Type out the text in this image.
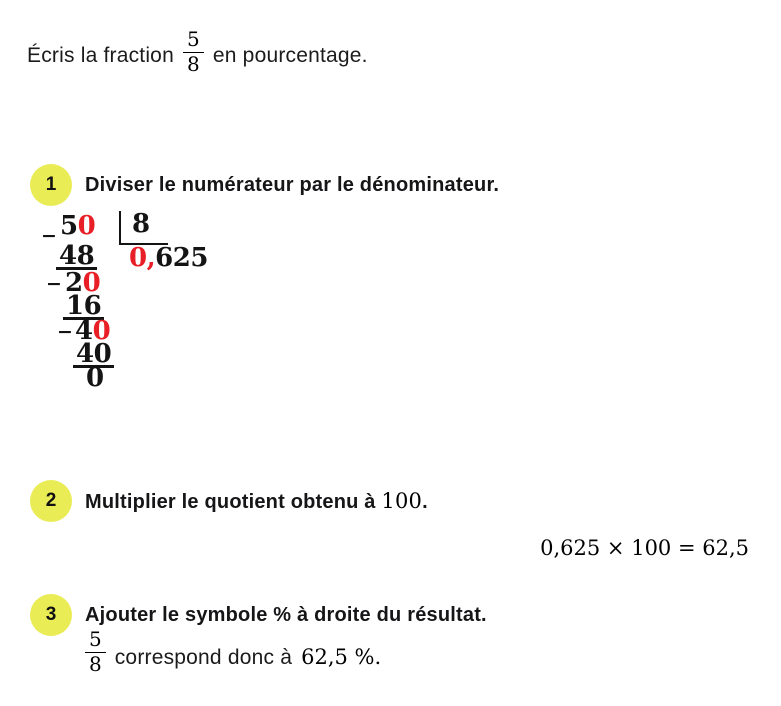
Écris la fraction $\frac{5}{8}$ en pourcentage.
1 Diviser le numérateur par le dénominateur.
− 50 8
48 0,625
− 20
16
− 40
40
0
2 Multiplier le quotient obtenu à 100.
0,625 × 100 = 62,5
3 Ajouter le symbole % à droite du résultat.
$\frac{5}{8}$ correspond donc à 62,5 %.
